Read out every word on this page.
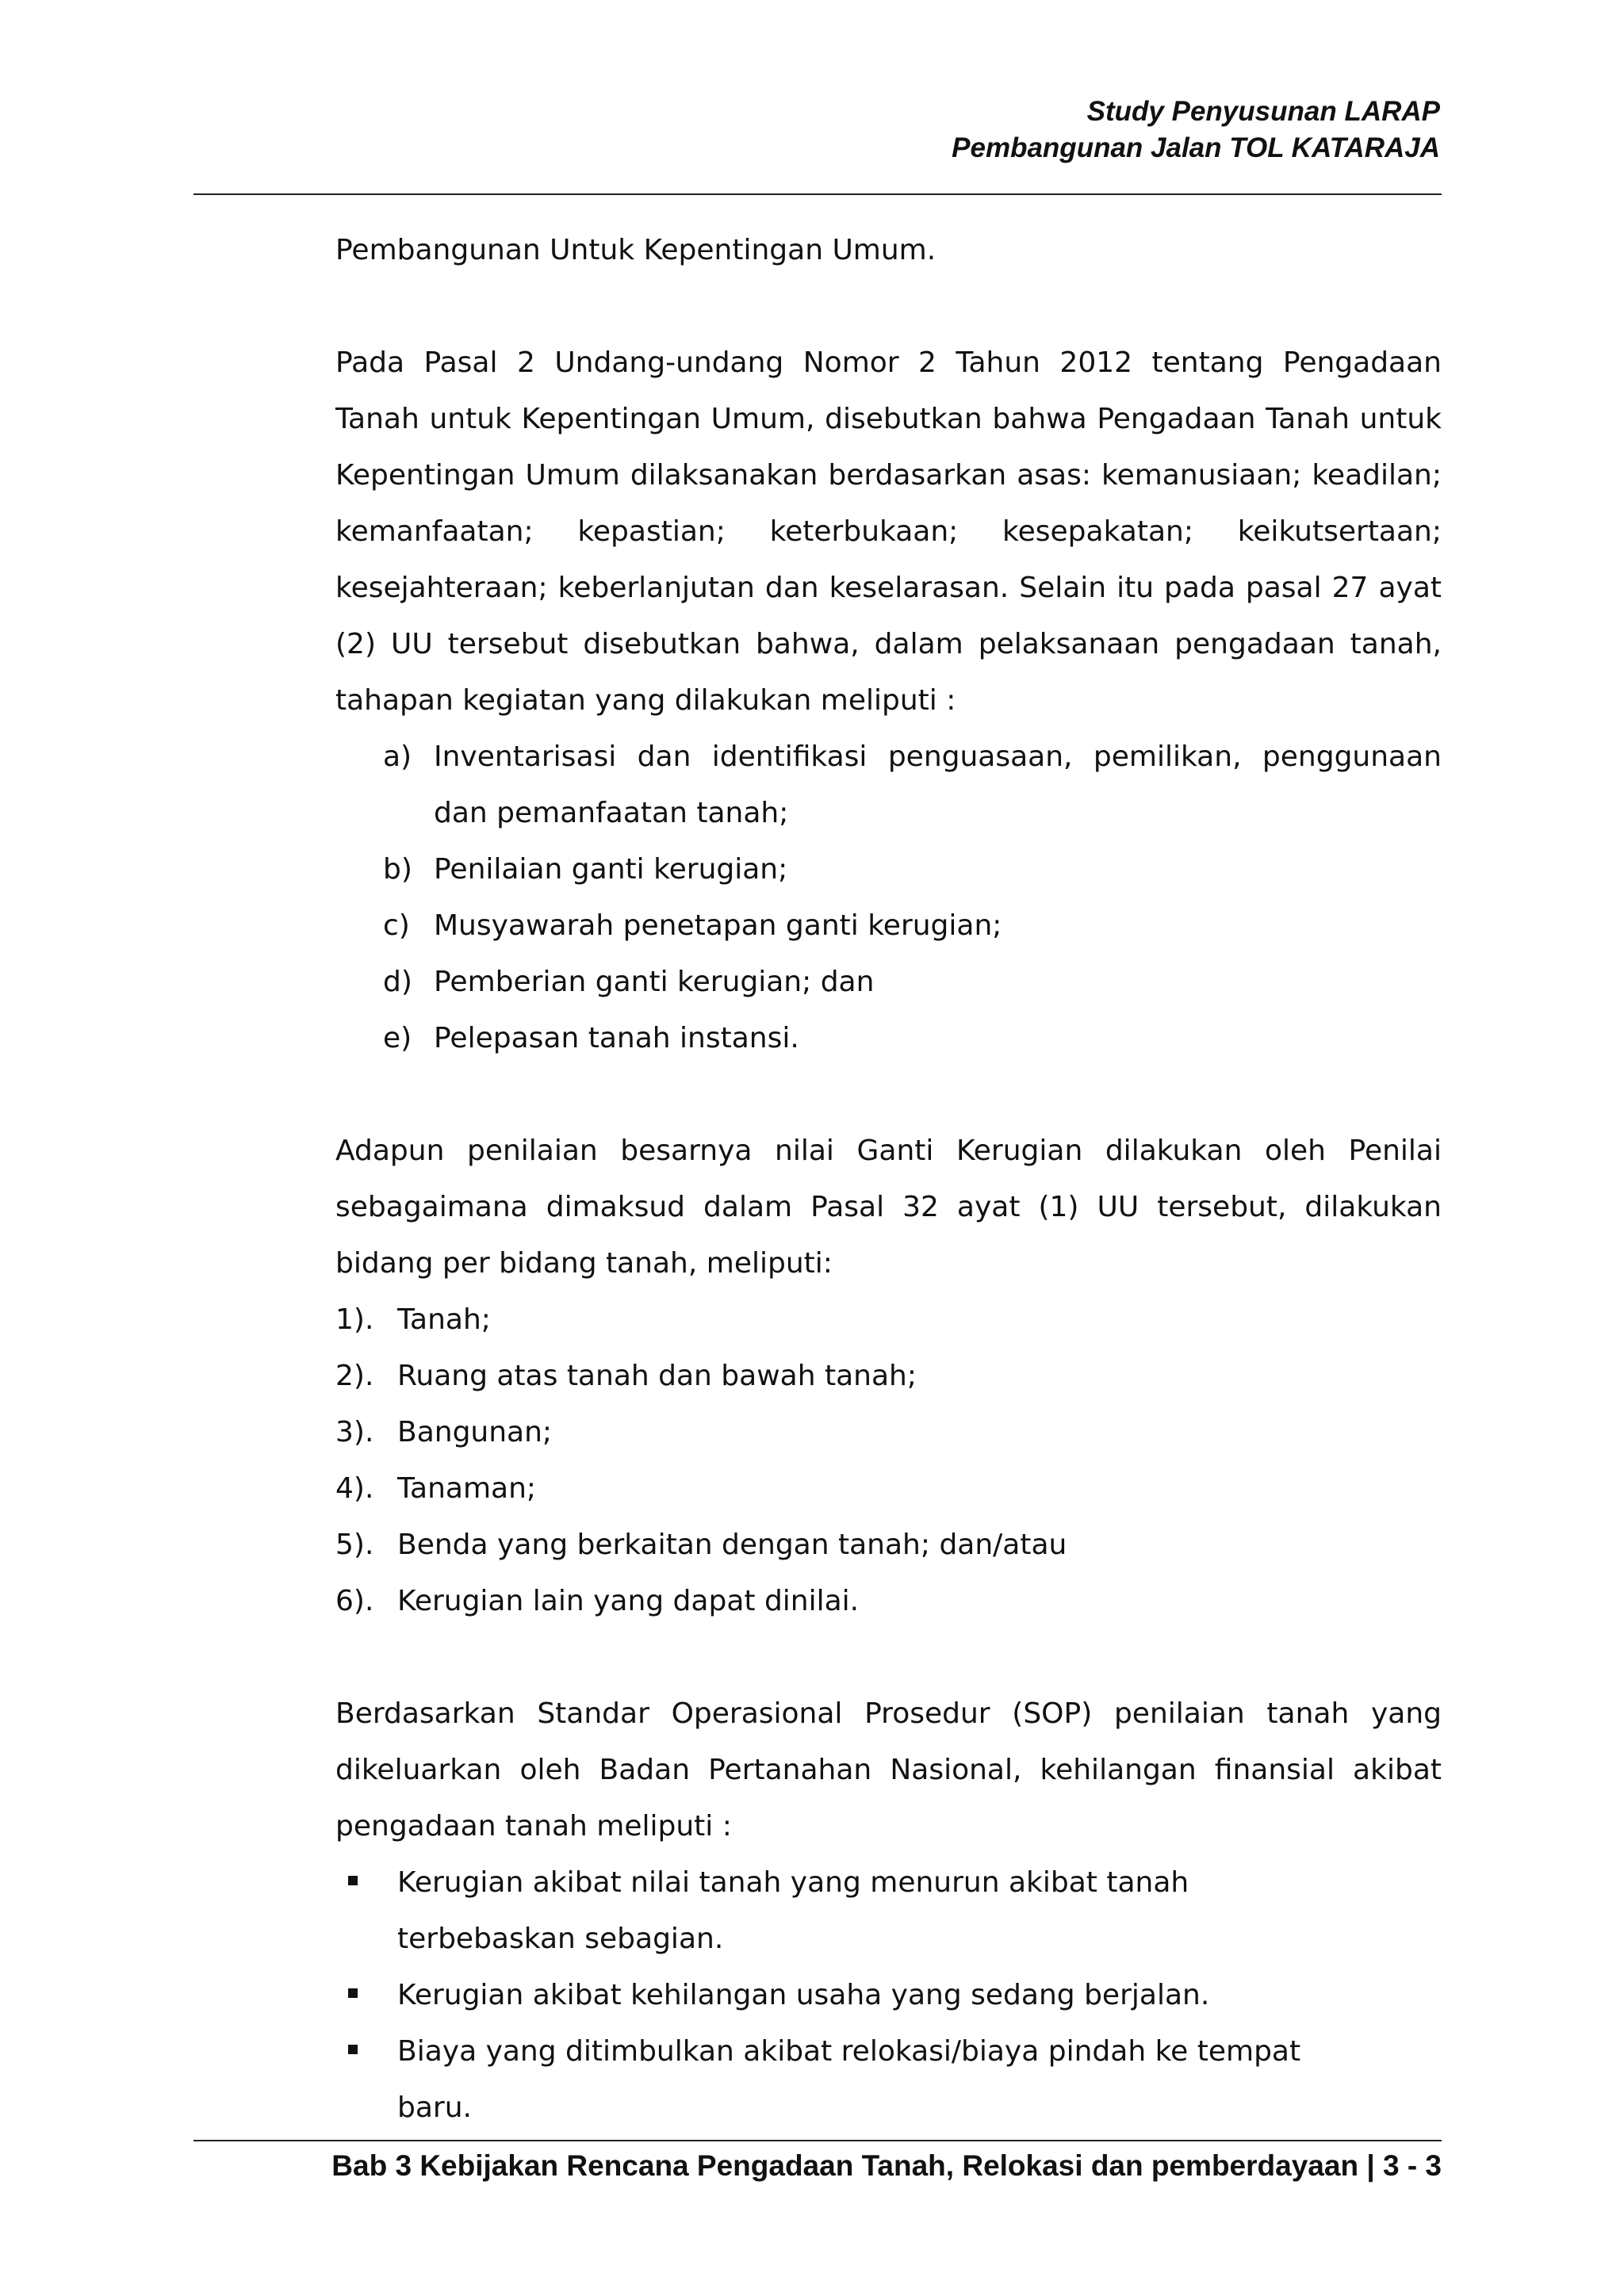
Study Penyusunan LARAP
Pembangunan Jalan TOL KATARAJA

Pembangunan Untuk Kepentingan Umum.

Pada Pasal 2 Undang-undang Nomor 2 Tahun 2012 tentang Pengadaan Tanah untuk Kepentingan Umum, disebutkan bahwa Pengadaan Tanah untuk Kepentingan Umum dilaksanakan berdasarkan asas: kemanusiaan; keadilan; kemanfaatan; kepastian; keterbukaan; kesepakatan; keikutsertaan; kesejahteraan; keberlanjutan dan keselarasan. Selain itu pada pasal 27 ayat (2) UU tersebut disebutkan bahwa, dalam pelaksanaan pengadaan tanah, tahapan kegiatan yang dilakukan meliputi :

a) Inventarisasi dan identifikasi penguasaan, pemilikan, penggunaan dan pemanfaatan tanah;
b) Penilaian ganti kerugian;
c) Musyawarah penetapan ganti kerugian;
d) Pemberian ganti kerugian; dan
e) Pelepasan tanah instansi.

Adapun penilaian besarnya nilai Ganti Kerugian dilakukan oleh Penilai sebagaimana dimaksud dalam Pasal 32 ayat (1) UU tersebut, dilakukan bidang per bidang tanah, meliputi:

1). Tanah;
2). Ruang atas tanah dan bawah tanah;
3). Bangunan;
4). Tanaman;
5). Benda yang berkaitan dengan tanah; dan/atau
6). Kerugian lain yang dapat dinilai.

Berdasarkan Standar Operasional Prosedur (SOP) penilaian tanah yang dikeluarkan oleh Badan Pertanahan Nasional, kehilangan finansial akibat pengadaan tanah meliputi :

Kerugian akibat nilai tanah yang menurun akibat tanah terbebaskan sebagian.
Kerugian akibat kehilangan usaha yang sedang berjalan.
Biaya yang ditimbulkan akibat relokasi/biaya pindah ke tempat baru.
Bab 3 Kebijakan Rencana Pengadaan Tanah, Relokasi dan pemberdayaan | 3 - 3
